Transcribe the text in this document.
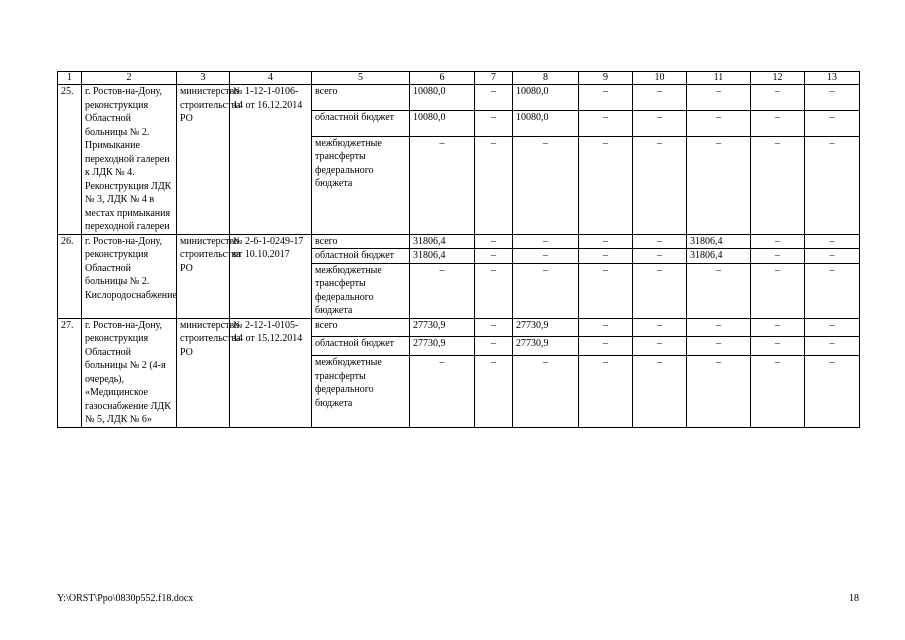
1	2	3	4	5	6	7	8	9	10	11	12	13
25.	г. Ростов-на-Дону, реконструкция Областной больницы № 2. Примыкание переходной галереи к ЛДК № 4. Реконструкция ЛДК № 3, ЛДК № 4 в местах примыкания переходной галереи	министерство строительства РО	№ 1-12-1-0106-14 от 16.12.2014	всего	10080,0	–	10080,0	–	–	–	–	–
				областной бюджет	10080,0	–	10080,0	–	–	–	–	–
				межбюджетные трансферты федерального бюджета	–	–	–	–	–	–	–	–
26.	г. Ростов-на-Дону, реконструкция Областной больницы № 2. Кислородоснабжение	министерство строительства РО	№ 2-6-1-0249-17 от 10.10.2017	всего	31806,4	–	–	–	–	31806,4	–	–
				областной бюджет	31806,4	–	–	–	–	31806,4	–	–
				межбюджетные трансферты федерального бюджета	–	–	–	–	–	–	–	–
27.	г. Ростов-на-Дону, реконструкция Областной больницы № 2 (4-я очередь), «Медицинское газоснабжение ЛДК № 5, ЛДК № 6»	министерство строительства РО	№ 2-12-1-0105-14 от 15.12.2014	всего	27730,9	–	27730,9	–	–	–	–	–
				областной бюджет	27730,9	–	27730,9	–	–	–	–	–
				межбюджетные трансферты федерального бюджета	–	–	–	–	–	–	–	–
Y:\ORST\Ppo\0830p552.f18.docx	18
